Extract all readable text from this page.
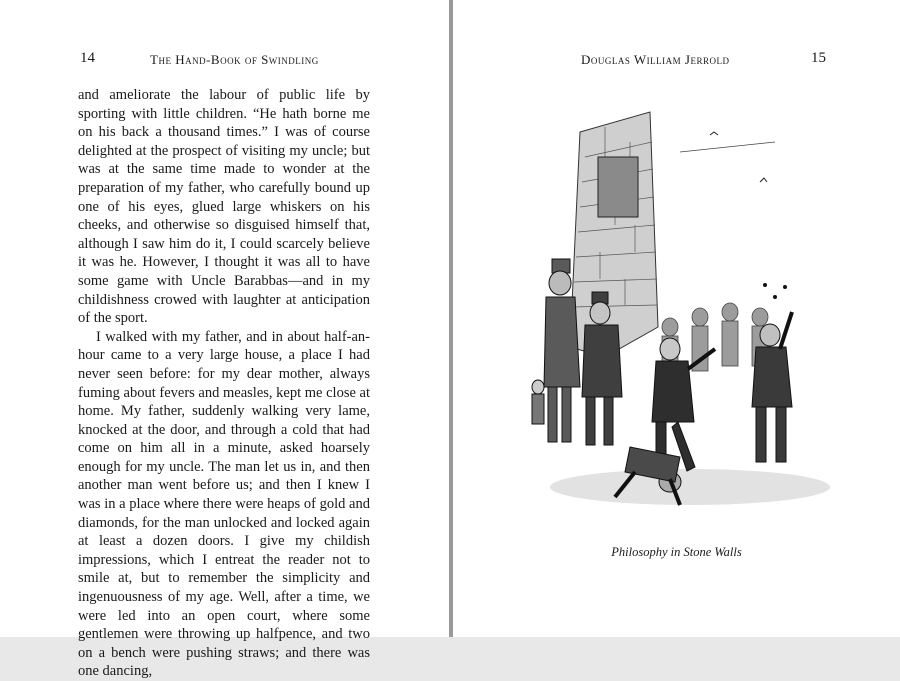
14	The Hand-Book of Swindling

and ameliorate the labour of public life by sporting with little children. “He hath borne me on his back a thousand times.” I was of course delighted at the prospect of visiting my uncle; but was at the same time made to wonder at the preparation of my father, who carefully bound up one of his eyes, glued large whiskers on his cheeks, and otherwise so disguised himself that, although I saw him do it, I could scarcely believe it was he. However, I thought it was all to have some game with Uncle Barabbas—and in my childishness crowed with laughter at anticipation of the sport.

I walked with my father, and in about half-an-hour came to a very large house, a place I had never seen before: for my dear mother, always fuming about fevers and measles, kept me close at home. My father, suddenly walking very lame, knocked at the door, and through a cold that had come on him all in a minute, asked hoarsely enough for my uncle. The man let us in, and then another man went before us; and then I knew I was in a place where there were heaps of gold and diamonds, for the man unlocked and locked again at least a dozen doors. I give my childish impressions, which I entreat the reader not to smile at, but to remember the simplicity and ingenuousness of my age. Well, after a time, we were led into an open court, where some gentlemen were throwing up halfpence, and two on a bench were pushing straws; and there was one dancing,

Douglas William Jerrold	15
Philosophy in Stone Walls
